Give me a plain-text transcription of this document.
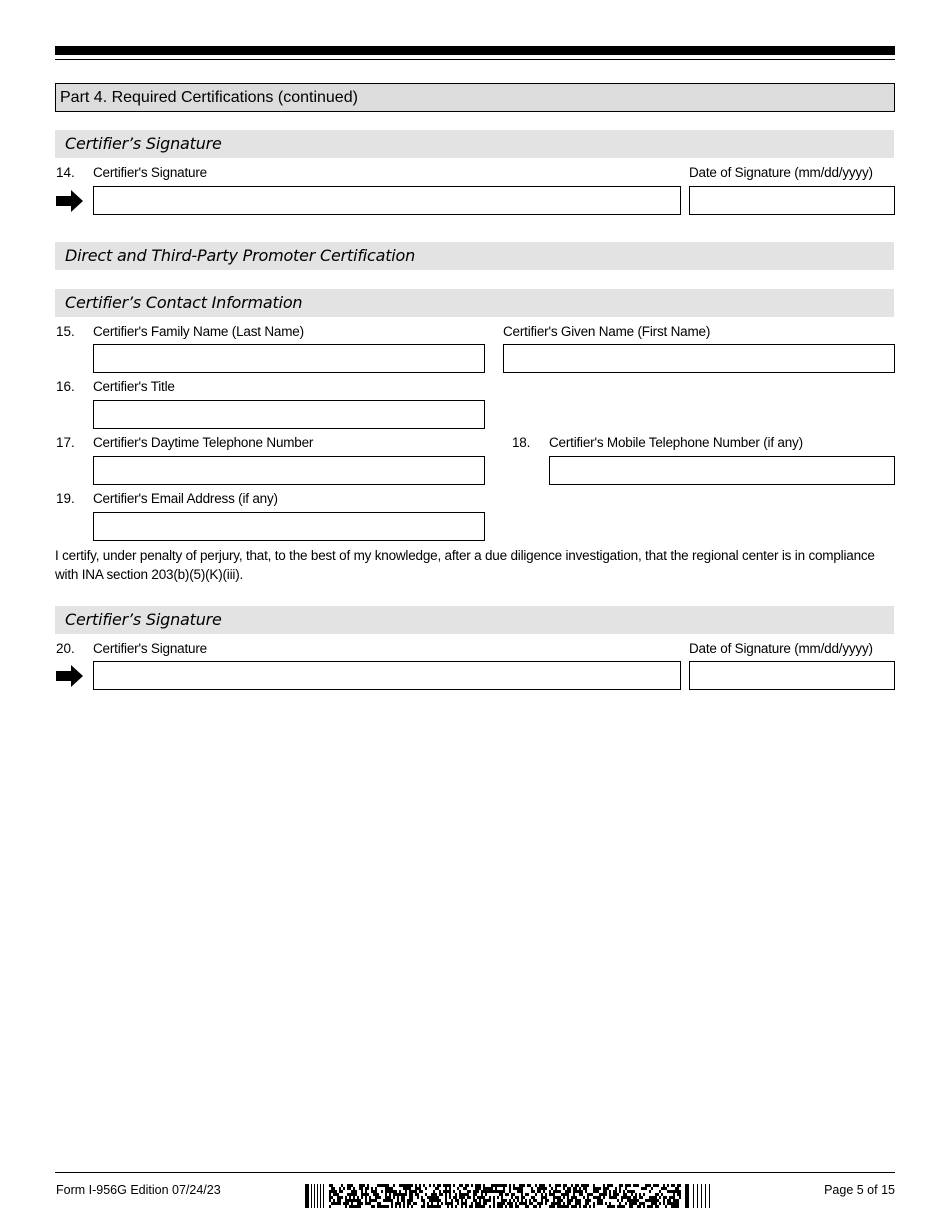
Part 4. Required Certifications (continued)
Certifier’s Signature
14. Certifier's Signature	Date of Signature (mm/dd/yyyy)
Direct and Third-Party Promoter Certification
Certifier’s Contact Information
15. Certifier's Family Name (Last Name)	Certifier's Given Name (First Name)
16. Certifier's Title
17. Certifier's Daytime Telephone Number	18. Certifier's Mobile Telephone Number (if any)
19. Certifier's Email Address (if any)
I certify, under penalty of perjury, that, to the best of my knowledge, after a due diligence investigation, that the regional center is in compliance with INA section 203(b)(5)(K)(iii).
Certifier’s Signature
20. Certifier's Signature	Date of Signature (mm/dd/yyyy)
Form I-956G Edition 07/24/23	Page 5 of 15
